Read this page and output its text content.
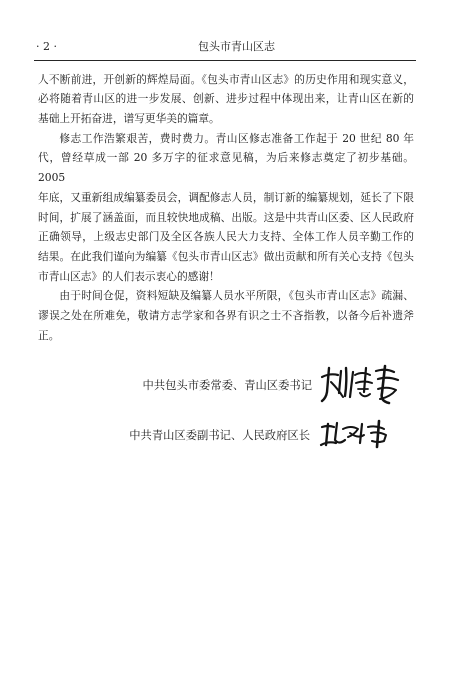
· 2 ·	包头市青山区志
人不断前进，开创新的辉煌局面。《包头市青山区志》的历史作用和现实意义，
必将随着青山区的进一步发展、创新、进步过程中体现出来，让青山区在新的
基础上开拓奋进，谱写更华美的篇章。
修志工作浩繁艰苦，费时费力。青山区修志准备工作起于 20 世纪 80 年
代，曾经草成一部 20 多万字的征求意见稿，为后来修志奠定了初步基础。2005
年底，又重新组成编纂委员会，调配修志人员，制订新的编纂规划，延长了下限
时间，扩展了涵盖面，而且较快地成稿、出版。这是中共青山区委、区人民政府
正确领导，上级志史部门及全区各族人民大力支持、全体工作人员辛勤工作的
结果。在此我们谨向为编纂《包头市青山区志》做出贡献和所有关心支持《包头
市青山区志》的人们表示衷心的感谢！
由于时间仓促，资料短缺及编纂人员水平所限，《包头市青山区志》疏漏、
谬误之处在所难免，敬请方志学家和各界有识之士不吝指教，以备今后补遗斧
正。
中共包头市委常委、青山区委书记
中共青山区委副书记、人民政府区长
